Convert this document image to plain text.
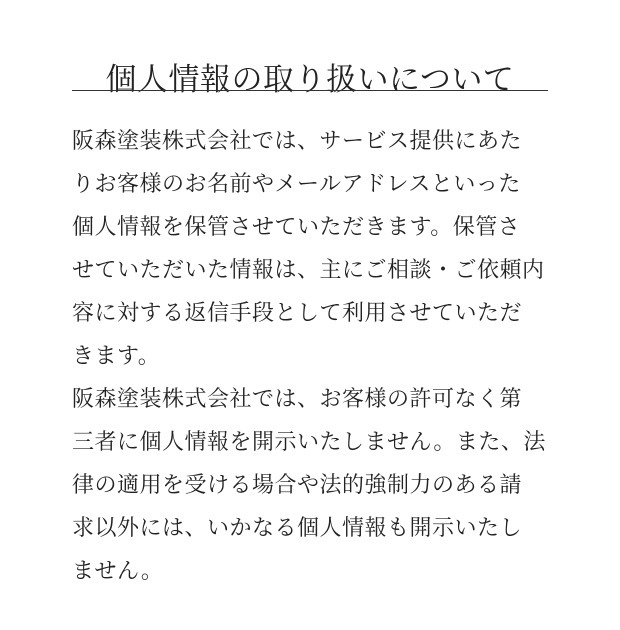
個人情報の取り扱いについて

阪森塗装株式会社では、サービス提供にあた
りお客様のお名前やメールアドレスといった
個人情報を保管させていただきます。保管さ
せていただいた情報は、主にご相談・ご依頼内
容に対する返信手段として利用させていただ
きます。

阪森塗装株式会社では、お客様の許可なく第
三者に個人情報を開示いたしません。また、法
律の適用を受ける場合や法的強制力のある請
求以外には、いかなる個人情報も開示いたし
ません。
